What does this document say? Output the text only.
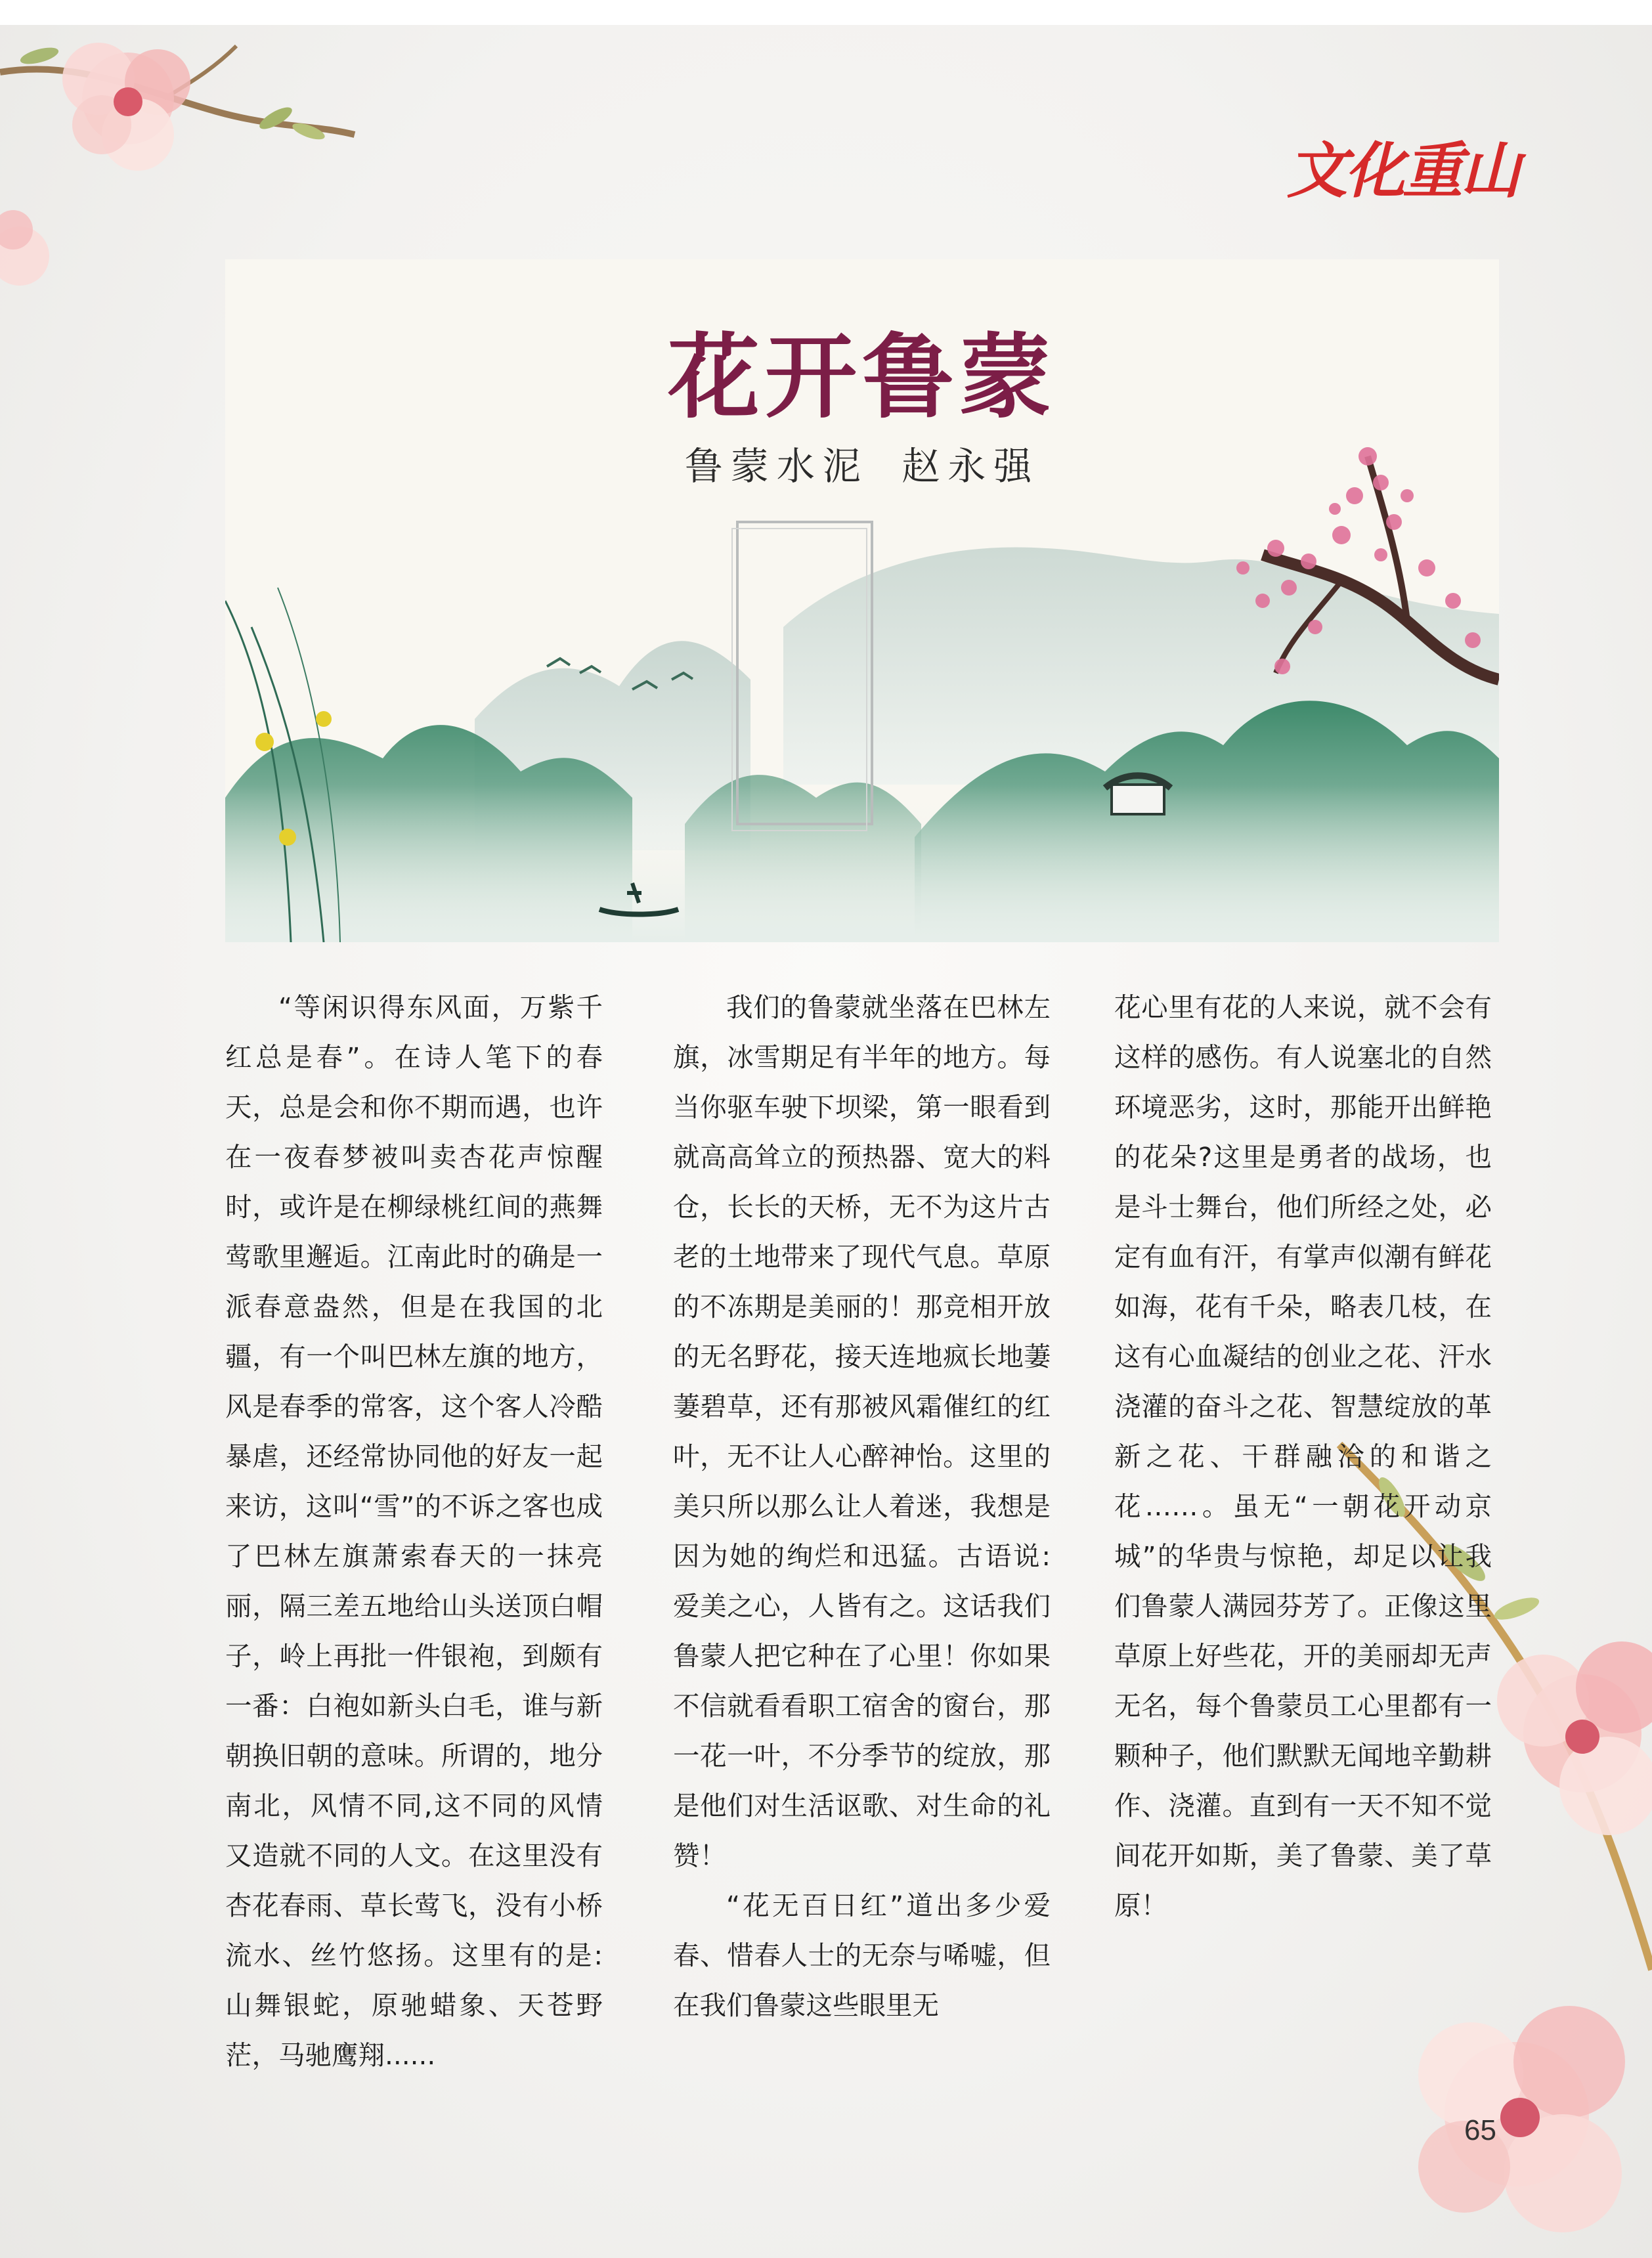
文化重山
花开鲁蒙
鲁蒙水泥 赵永强

“等闲识得东风面，万紫千红总是春”。在诗人笔下的春天，总是会和你不期而遇，也许在一夜春梦被叫卖杏花声惊醒时，或许是在柳绿桃红间的燕舞莺歌里邂逅。江南此时的确是一派春意盎然，但是在我国的北疆，有一个叫巴林左旗的地方，风是春季的常客，这个客人冷酷暴虐，还经常协同他的好友一起来访，这叫“雪”的不诉之客也成了巴林左旗萧索春天的一抹亮丽，隔三差五地给山头送顶白帽子，岭上再批一件银袍，到颇有一番：白袍如新头白毛，谁与新朝换旧朝的意味。所谓的，地分南北，风情不同,这不同的风情又造就不同的人文。在这里没有杏花春雨、草长莺飞，没有小桥流水、丝竹悠扬。这里有的是:山舞银蛇，原驰蜡象、天苍野茫，马驰鹰翔......

我们的鲁蒙就坐落在巴林左旗，冰雪期足有半年的地方。每当你驱车驶下坝梁，第一眼看到就高高耸立的预热器、宽大的料仓，长长的天桥，无不为这片古老的土地带来了现代气息。草原的不冻期是美丽的！那竞相开放的无名野花，接天连地疯长地萋萋碧草，还有那被风霜催红的红叶，无不让人心醉神怡。这里的美只所以那么让人着迷，我想是因为她的绚烂和迅猛。古语说:爱美之心，人皆有之。这话我们鲁蒙人把它种在了心里！你如果不信就看看职工宿舍的窗台，那一花一叶，不分季节的绽放，那是他们对生活讴歌、对生命的礼赞！

“花无百日红”道出多少爱春、惜春人士的无奈与唏嘘，但在我们鲁蒙这些眼里无

花心里有花的人来说，就不会有这样的感伤。有人说塞北的自然环境恶劣，这时，那能开出鲜艳的花朵?这里是勇者的战场，也是斗士舞台，他们所经之处，必定有血有汗，有掌声似潮有鲜花如海，花有千朵，略表几枝，在这有心血凝结的创业之花、汗水浇灌的奋斗之花、智慧绽放的革新之花、干群融洽的和谐之花……。虽无“一朝花开动京城”的华贵与惊艳，却足以让我们鲁蒙人满园芬芳了。正像这里草原上好些花，开的美丽却无声无名，每个鲁蒙员工心里都有一颗种子，他们默默无闻地辛勤耕作、浇灌。直到有一天不知不觉间花开如斯，美了鲁蒙、美了草原！

65
